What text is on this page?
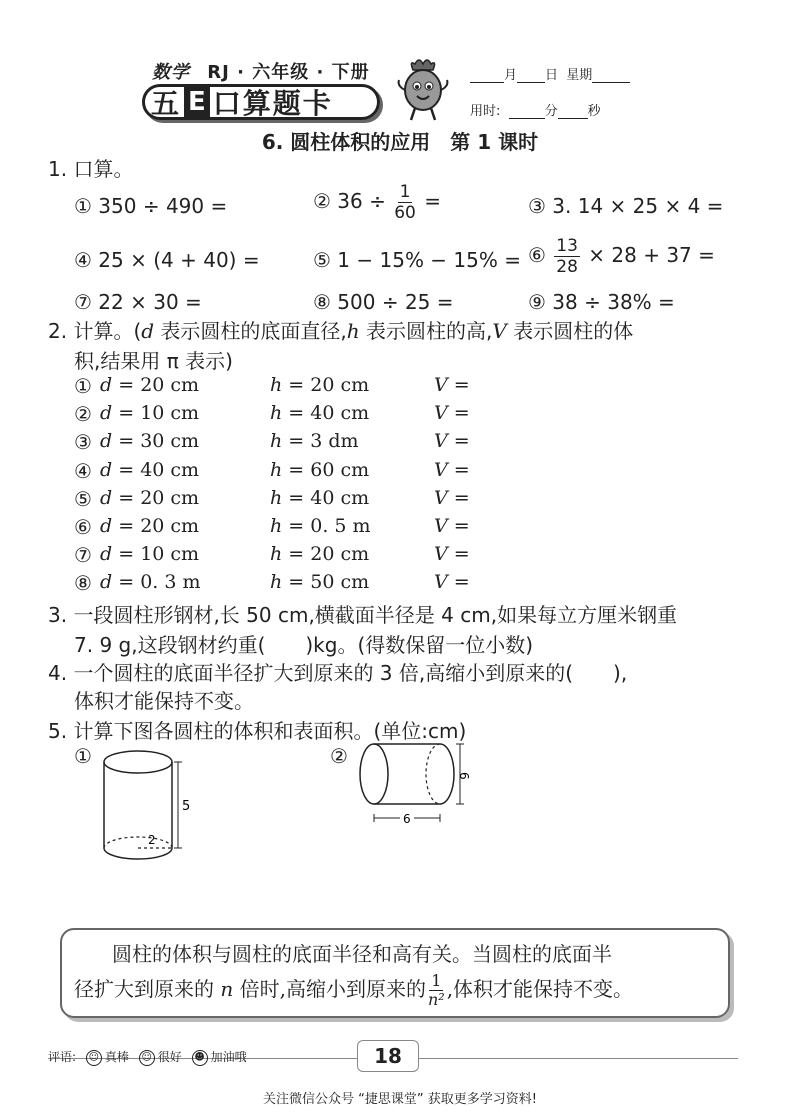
数学 RJ · 六年级 · 下册
五 E 口算题卡
月 日 星期
用时:	分 秒
6. 圆柱体积的应用　第 1 课时
1. 口算。
① 350 ÷ 490 =	② $36 \div \frac{1}{60}$ =	③ 3. 14 × 25 × 4 =
④ 25 × (4 + 40) =	⑤ 1 − 15% − 15% = ⑥ $\frac{13}{28} \times 28 + 37$ =
⑦ 22 × 30 =	⑧ 500 ÷ 25 =	⑨ 38 ÷ 38% =
2. 计算。(d 表示圆柱的底面直径,h 表示圆柱的高,V 表示圆柱的体
积,结果用 π 表示)
① d = 20 cm	h = 20 cm	V =
② d = 10 cm	h = 40 cm	V =
③ d = 30 cm	h = 3 dm	V =
④ d = 40 cm	h = 60 cm	V =
⑤ d = 20 cm	h = 40 cm	V =
⑥ d = 20 cm	h = 0. 5 m	V =
⑦ d = 10 cm	h = 20 cm	V =
⑧ d = 0. 3 m	h = 50 cm	V =
3. 一段圆柱形钢材,长 50 cm,横截面半径是 4 cm,如果每立方厘米钢重
7. 9 g,这段钢材约重(　　)kg。(得数保留一位小数)
4. 一个圆柱的底面半径扩大到原来的 3 倍,高缩小到原来的(　　),
体积才能保持不变。
5. 计算下图各圆柱的体积和表面积。(单位:cm)
①
5
2
②
6
6
圆柱的体积与圆柱的底面半径和高有关。当圆柱的底面半
径扩大到原来的 n 倍时,高缩小到原来的 $\frac{1}{\text{n²}}$ ,体积才能保持不变。
评语: ☺ 真棒 ☺ 很好 ☻ 加油哦	18
关注微信公众号 “捷思课堂” 获取更多学习资料!
